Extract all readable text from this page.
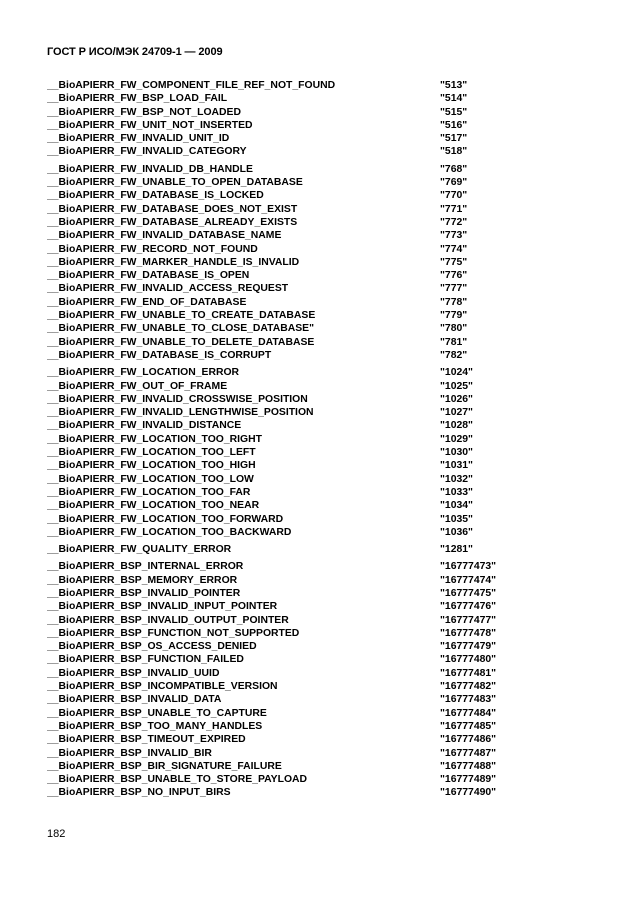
ГОСТ Р ИСО/МЭК 24709-1 — 2009
__BioAPIERR_FW_COMPONENT_FILE_REF_NOT_FOUND	"513"
__BioAPIERR_FW_BSP_LOAD_FAIL	"514"
__BioAPIERR_FW_BSP_NOT_LOADED	"515"
__BioAPIERR_FW_UNIT_NOT_INSERTED	"516"
__BioAPIERR_FW_INVALID_UNIT_ID	"517"
__BioAPIERR_FW_INVALID_CATEGORY	"518"
__BioAPIERR_FW_INVALID_DB_HANDLE	"768"
__BioAPIERR_FW_UNABLE_TO_OPEN_DATABASE	"769"
__BioAPIERR_FW_DATABASE_IS_LOCKED	"770"
__BioAPIERR_FW_DATABASE_DOES_NOT_EXIST	"771"
__BioAPIERR_FW_DATABASE_ALREADY_EXISTS	"772"
__BioAPIERR_FW_INVALID_DATABASE_NAME	"773"
__BioAPIERR_FW_RECORD_NOT_FOUND	"774"
__BioAPIERR_FW_MARKER_HANDLE_IS_INVALID	"775"
__BioAPIERR_FW_DATABASE_IS_OPEN	"776"
__BioAPIERR_FW_INVALID_ACCESS_REQUEST	"777"
__BioAPIERR_FW_END_OF_DATABASE	"778"
__BioAPIERR_FW_UNABLE_TO_CREATE_DATABASE	"779"
__BioAPIERR_FW_UNABLE_TO_CLOSE_DATABASE"	"780"
__BioAPIERR_FW_UNABLE_TO_DELETE_DATABASE	"781"
__BioAPIERR_FW_DATABASE_IS_CORRUPT	"782"
__BioAPIERR_FW_LOCATION_ERROR	"1024"
__BioAPIERR_FW_OUT_OF_FRAME	"1025"
__BioAPIERR_FW_INVALID_CROSSWISE_POSITION	"1026"
__BioAPIERR_FW_INVALID_LENGTHWISE_POSITION	"1027"
__BioAPIERR_FW_INVALID_DISTANCE	"1028"
__BioAPIERR_FW_LOCATION_TOO_RIGHT	"1029"
__BioAPIERR_FW_LOCATION_TOO_LEFT	"1030"
__BioAPIERR_FW_LOCATION_TOO_HIGH	"1031"
__BioAPIERR_FW_LOCATION_TOO_LOW	"1032"
__BioAPIERR_FW_LOCATION_TOO_FAR	"1033"
__BioAPIERR_FW_LOCATION_TOO_NEAR	"1034"
__BioAPIERR_FW_LOCATION_TOO_FORWARD	"1035"
__BioAPIERR_FW_LOCATION_TOO_BACKWARD	"1036"
__BioAPIERR_FW_QUALITY_ERROR	"1281"
__BioAPIERR_BSP_INTERNAL_ERROR	"16777473"
__BioAPIERR_BSP_MEMORY_ERROR	"16777474"
__BioAPIERR_BSP_INVALID_POINTER	"16777475"
__BioAPIERR_BSP_INVALID_INPUT_POINTER	"16777476"
__BioAPIERR_BSP_INVALID_OUTPUT_POINTER	"16777477"
__BioAPIERR_BSP_FUNCTION_NOT_SUPPORTED	"16777478"
__BioAPIERR_BSP_OS_ACCESS_DENIED	"16777479"
__BioAPIERR_BSP_FUNCTION_FAILED	"16777480"
__BioAPIERR_BSP_INVALID_UUID	"16777481"
__BioAPIERR_BSP_INCOMPATIBLE_VERSION	"16777482"
__BioAPIERR_BSP_INVALID_DATA	"16777483"
__BioAPIERR_BSP_UNABLE_TO_CAPTURE	"16777484"
__BioAPIERR_BSP_TOO_MANY_HANDLES	"16777485"
__BioAPIERR_BSP_TIMEOUT_EXPIRED	"16777486"
__BioAPIERR_BSP_INVALID_BIR	"16777487"
__BioAPIERR_BSP_BIR_SIGNATURE_FAILURE	"16777488"
__BioAPIERR_BSP_UNABLE_TO_STORE_PAYLOAD	"16777489"
__BioAPIERR_BSP_NO_INPUT_BIRS	"16777490"
182
